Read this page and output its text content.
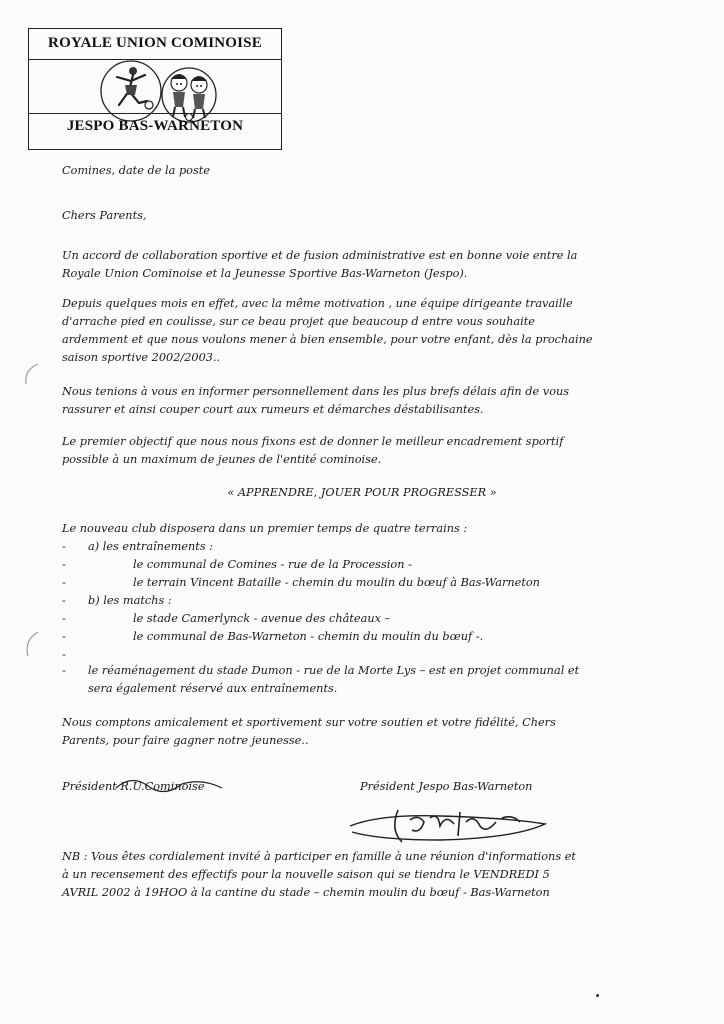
ROYALE UNION COMINOISE
JESPO BAS-WARNETON
Comines, date de la poste
Chers Parents,
Un accord de collaboration sportive et de fusion administrative est en bonne voie entre la
Royale Union Cominoise et la Jeunesse Sportive Bas-Warneton (Jespo).
Depuis quelques mois en effet, avec la même motivation , une équipe dirigeante travaille
d'arrache pied en coulisse, sur ce beau projet que beaucoup d entre vous souhaite
ardemment et que nous voulons mener à bien ensemble, pour votre enfant, dès la prochaine
saison sportive 2002/2003..
Nous tenions à vous en informer personnellement dans les plus brefs délais afin de vous
rassurer et ainsi couper court aux rumeurs et démarches déstabilisantes.
Le premier objectif que nous nous fixons est de donner le meilleur encadrement sportif
possible à un maximum de jeunes de l'entité cominoise.
« APPRENDRE, JOUER POUR PROGRESSER »
Le nouveau club disposera dans un premier temps de quatre terrains :
- a) les entraînements :
-	le communal de Comines - rue de la Procession -
-	le terrain Vincent Bataille - chemin du moulin du bœuf à Bas-Warneton
- b) les matchs :
-	le stade Camerlynck - avenue des châteaux –
-	le communal de Bas-Warneton - chemin du moulin du bœuf -.
-
- le réaménagement du stade Dumon - rue de la Morte Lys – est en projet communal et
sera également réservé aux entraînements.
Nous comptons amicalement et sportivement sur votre soutien et votre fidélité, Chers
Parents, pour faire gagner notre jeunesse..
Président R.U.Cominoise	Président Jespo Bas-Warneton
NB : Vous êtes cordialement invité à participer en famille à une réunion d'informations et
à un recensement des effectifs pour la nouvelle saison qui se tiendra le VENDREDI 5
AVRIL 2002 à 19HOO à la cantine du stade – chemin moulin du bœuf - Bas-Warneton
